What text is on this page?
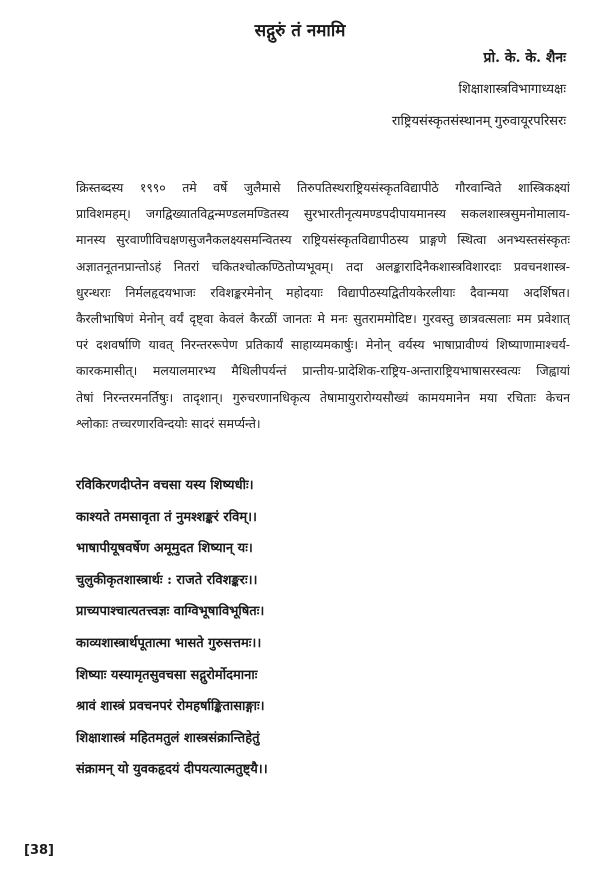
सद्गुरुं तं नमामि
प्रो. के. के. शैनः
शिक्षाशास्त्रविभागाध्यक्षः
राष्ट्रियसंस्कृतसंस्थानम् गुरुवायूरपरिसरः
क्रिस्तब्दस्य १९९० तमे वर्षे जुलैमासे तिरुपतिस्थराष्ट्रियसंस्कृतविद्यापीठे गौरवान्विते शास्त्रिकक्ष्यां
प्राविशमहम्। जगद्विख्यातविद्वन्मण्डलमण्डितस्य सुरभारतीनृत्यमण्डपदीपायमानस्य सकलशास्त्रसुमनोमालाय-
मानस्य सुरवाणीविचक्षणसुजनैकलक्ष्यसमन्वितस्य राष्ट्रियसंस्कृतविद्यापीठस्य प्राङ्गणे स्थित्वा अनभ्यस्तसंस्कृतः
अज्ञातनूतनप्रान्तोऽहं नितरां चकितश्चोत्कण्ठितोप्यभूवम्। तदा अलङ्कारादिनैकशास्त्रविशारदाः प्रवचनशास्त्र-
धुरन्धराः निर्मलहृदयभाजः रविशङ्करमेनोन् महोदयाः विद्यापीठस्यद्वितीयकेरलीयाः दैवान्मया अदर्शिषत।
कैरलीभाषिणं मेनोन् वर्यं दृष्ट्वा केवलं कैरळीं जानतः मे मनः सुतराममोदिष्ट। गुरवस्तु छात्रवत्सलाः मम प्रवेशात्
परं दशवर्षाणि यावत् निरन्तररूपेण प्रतिकार्यं साहाय्यमकार्षुः। मेनोन् वर्यस्य भाषाप्रावीण्यं शिष्याणामाश्चर्य-
कारकमासीत्। मलयालमारभ्य मैथिलीपर्यन्तं प्रान्तीय-प्रादेशिक-राष्ट्रिय-अन्ताराष्ट्रियभाषासरस्वत्यः जिह्वायां
तेषां निरन्तरमनर्तिषुः। तादृशान्। गुरुचरणानधिकृत्य तेषामायुरारोग्यसौख्यं कामयमानेन मया रचिताः केचन
श्लोकाः तच्चरणारविन्दयोः सादरं समर्प्यन्ते।
रविकिरणदीप्तेन वचसा यस्य शिष्यधीः।
काश्यते तमसावृता तं नुमश्शङ्करं रविम्।।
भाषापीयूषवर्षेण अमूमुदत शिष्यान् यः।
चुलुकीकृतशास्त्रार्थः : राजते रविशङ्करः।।
प्राच्यपाश्चात्यतत्त्वज्ञः वाग्विभूषाविभूषितः।
काव्यशास्त्रार्थपूतात्मा भासते गुरुसत्तमः।।
शिष्याः यस्यामृतसुवचसा सद्गुरोर्मोदमानाः
श्रावं शास्त्रं प्रवचनपरं रोमहर्षाङ्कितासाङ्गाः।
शिक्षाशास्त्रं महितमतुलं शास्त्रसंक्रान्तिहेतुं
संक्रामन् यो युवकहृदयं दीपयत्यात्मतुष्ट्यै।।
[38]
